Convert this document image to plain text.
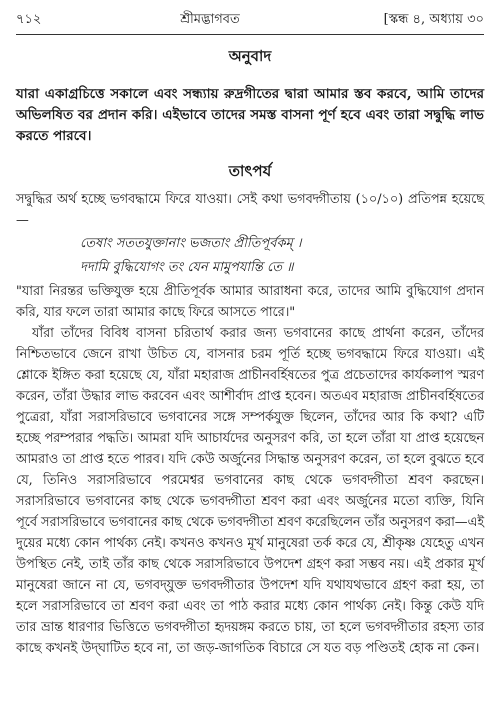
৭১২	শ্রীমদ্ভাগবত	[স্কন্ধ ৪, অধ্যায় ৩০
অনুবাদ

যারা একাগ্রচিত্তে সকালে এবং সন্ধ্যায় রুদ্রগীতের দ্বারা আমার স্তব করবে, আমি তাদের অভিলষিত বর প্রদান করি। এইভাবে তাদের সমস্ত বাসনা পূর্ণ হবে এবং তারা সদ্বুদ্ধি লাভ করতে পারবে।

তাৎপর্য

সদ্বুদ্ধির অর্থ হচ্ছে ভগবদ্ধামে ফিরে যাওয়া। সেই কথা ভগবদ্গীতায় (১০/১০) প্রতিপন্ন হয়েছে—

তেষাং সততযুক্তানাং ভজতাং প্রীতিপূর্বকম্ ।

দদামি বুদ্ধিযোগং তং যেন মামুপযান্তি তে ॥

"যারা নিরন্তর ভক্তিযুক্ত হয়ে প্রীতিপূর্বক আমার আরাধনা করে, তাদের আমি বুদ্ধিযোগ প্রদান করি, যার ফলে তারা আমার কাছে ফিরে আসতে পারে।"

যাঁরা তাঁদের বিবিধ বাসনা চরিতার্থ করার জন্য ভগবানের কাছে প্রার্থনা করেন, তাঁদের নিশ্চিতভাবে জেনে রাখা উচিত যে, বাসনার চরম পূর্তি হচ্ছে ভগবদ্ধামে ফিরে যাওয়া। এই শ্লোকে ইঙ্গিত করা হয়েছে যে, যাঁরা মহারাজ প্রাচীনবর্হিষতের পুত্র প্রচেতাদের কার্যকলাপ স্মরণ করেন, তাঁরা উদ্ধার লাভ করবেন এবং আশীর্বাদ প্রাপ্ত হবেন। অতএব মহারাজ প্রাচীনবর্হিষতের পুত্রেরা, যাঁরা সরাসরিভাবে ভগবানের সঙ্গে সম্পর্কযুক্ত ছিলেন, তাঁদের আর কি কথা? এটি হচ্ছে পরম্পরার পদ্ধতি। আমরা যদি আচার্যদের অনুসরণ করি, তা হলে তাঁরা যা প্রাপ্ত হয়েছেন আমরাও তা প্রাপ্ত হতে পারব। যদি কেউ অর্জুনের সিদ্ধান্ত অনুসরণ করেন, তা হলে বুঝতে হবে যে, তিনিও সরাসরিভাবে পরমেশ্বর ভগবানের কাছ থেকে ভগবদ্গীতা শ্রবণ করছেন। সরাসরিভাবে ভগবানের কাছ থেকে ভগবদ্গীতা শ্রবণ করা এবং অর্জুনের মতো ব্যক্তি, যিনি পূর্বে সরাসরিভাবে ভগবানের কাছ থেকে ভগবদ্গীতা শ্রবণ করেছিলেন তাঁর অনুসরণ করা—এই দুয়ের মধ্যে কোন পার্থক্য নেই। কখনও কখনও মূর্খ মানুষেরা তর্ক করে যে, শ্রীকৃষ্ণ যেহেতু এখন উপস্থিত নেই, তাই তাঁর কাছ থেকে সরাসরিভাবে উপদেশ গ্রহণ করা সম্ভব নয়। এই প্রকার মূর্খ মানুষেরা জানে না যে, ভগবদ্‌যুক্ত ভগবদ্গীতার উপদেশ যদি যথাযথভাবে গ্রহণ করা হয়, তা হলে সরাসরিভাবে তা শ্রবণ করা এবং তা পাঠ করার মধ্যে কোন পার্থক্য নেই। কিন্তু কেউ যদি তার ভ্রান্ত ধারণার ভিত্তিতে ভগবদ্গীতা হৃদয়ঙ্গম করতে চায়, তা হলে ভগবদ্গীতার রহস্য তার কাছে কখনই উদ্‌ঘাটিত হবে না, তা জড়-জাগতিক বিচারে সে যত বড় পণ্ডিতই হোক না কেন।
